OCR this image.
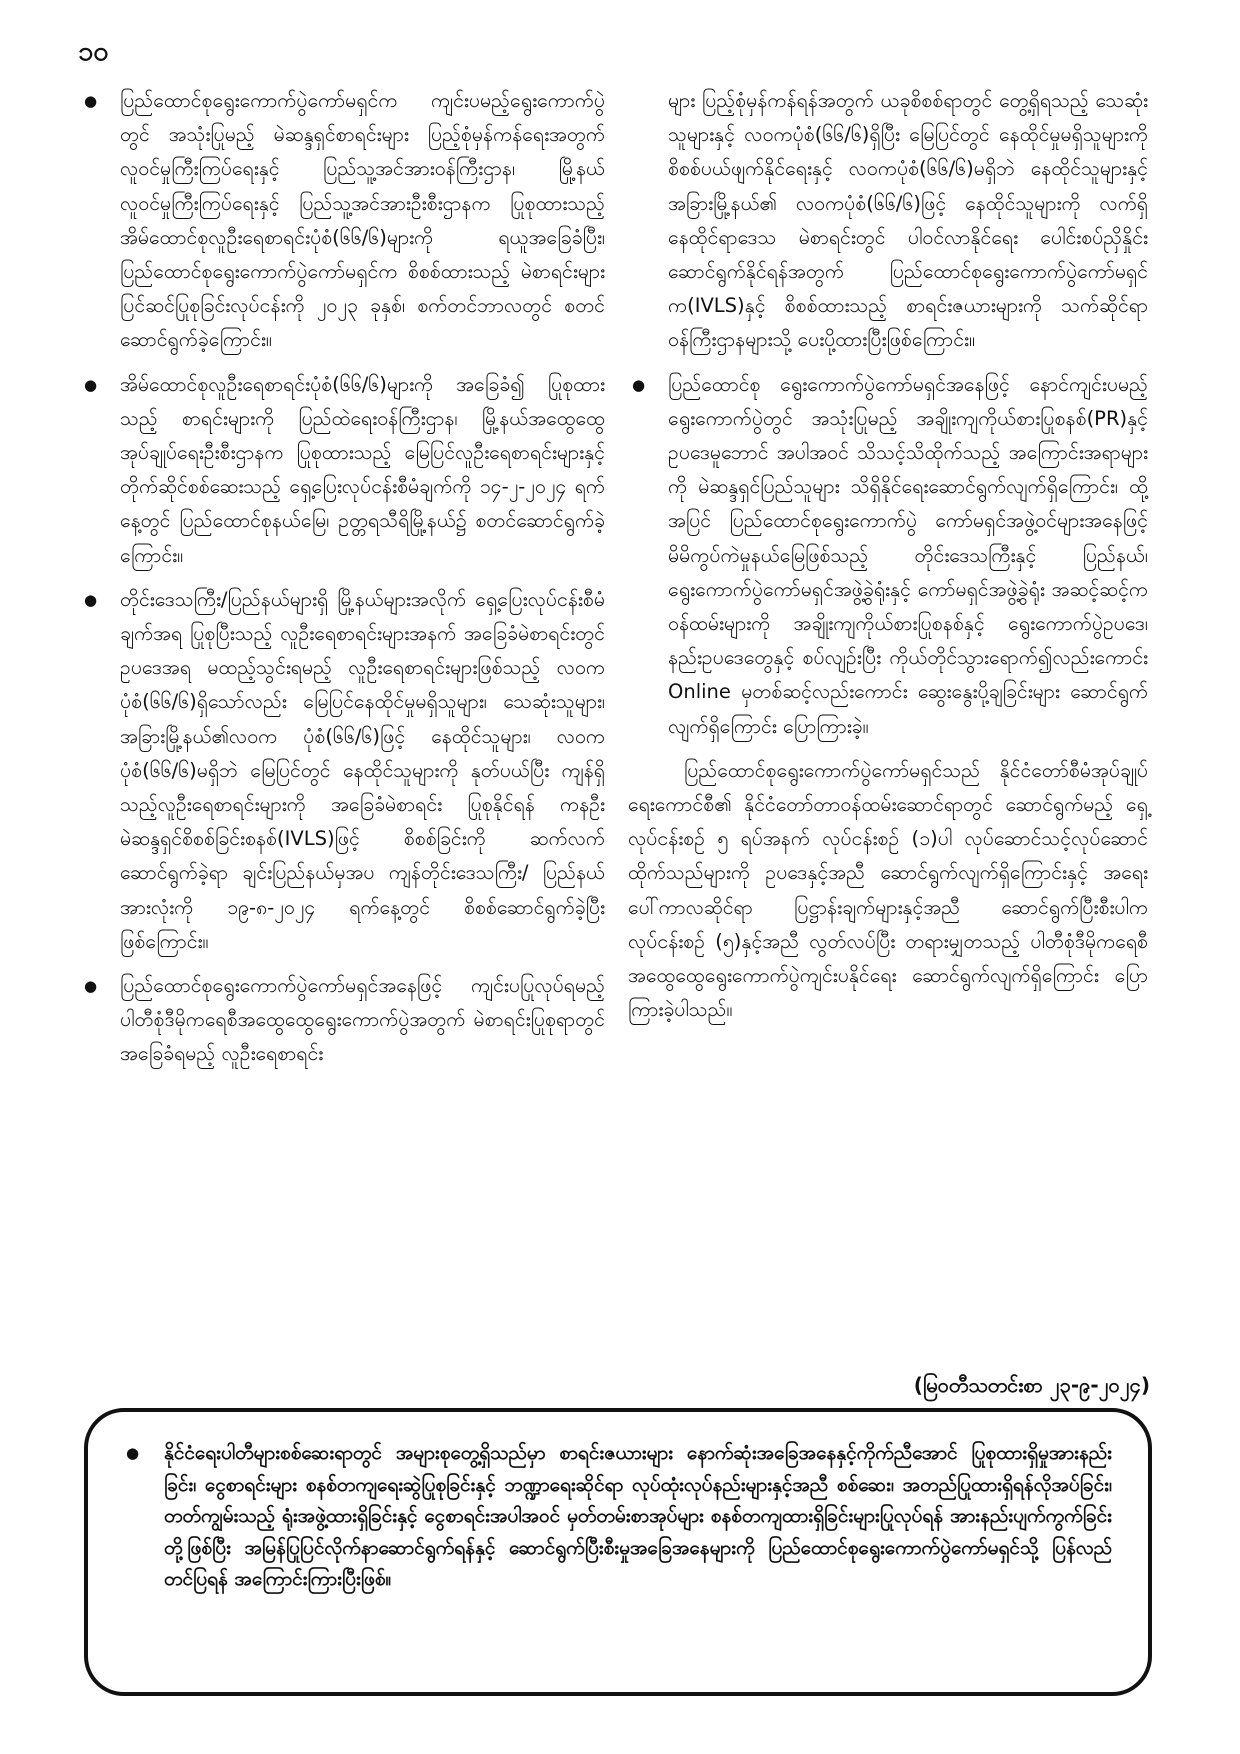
၁၀

● ပြည်ထောင်စုရွေးကောက်ပွဲကော်မရှင်က ကျင်းပမည့်ရွေးကောက်ပွဲတွင် အသုံးပြုမည့် မဲဆန္ဒရှင်စာရင်းများ ပြည့်စုံမှန်ကန်ရေးအတွက် လူဝင်မှုကြီးကြပ်ရေးနှင့် ပြည်သူ့အင်အားဝန်ကြီးဌာန၊ မြို့နယ်လူဝင်မှုကြီးကြပ်ရေးနှင့် ပြည်သူ့အင်အားဦးစီးဌာနက ပြုစုထားသည့် အိမ်ထောင်စုလူဦးရေစာရင်းပုံစံ(၆၆/၆)များကို ရယူအခြေခံပြီး၊ ပြည်ထောင်စုရွေးကောက်ပွဲကော်မရှင်က စိစစ်ထားသည့် မဲစာရင်းများ ပြင်ဆင်ပြုစုခြင်းလုပ်ငန်းကို ၂၀၂၃ ခုနှစ်၊ စက်တင်ဘာလတွင် စတင်ဆောင်ရွက်ခဲ့ကြောင်း။

● အိမ်ထောင်စုလူဦးရေစာရင်းပုံစံ(၆၆/၆)များကို အခြေခံ၍ ပြုစုထားသည့် စာရင်းများကို ပြည်ထဲရေးဝန်ကြီးဌာန၊ မြို့နယ်အထွေထွေအုပ်ချုပ်ရေးဦးစီးဌာနက ပြုစုထားသည့် မြေပြင်လူဦးရေစာရင်းများနှင့် တိုက်ဆိုင်စစ်ဆေးသည့် ရှေ့ပြေးလုပ်ငန်းစီမံချက်ကို ၁၄-၂-၂၀၂၄ ရက်နေ့တွင် ပြည်ထောင်စုနယ်မြေ၊ ဥတ္တရသီရိမြို့နယ်၌ စတင်ဆောင်ရွက်ခဲ့ကြောင်း။

● တိုင်းဒေသကြီး/ပြည်နယ်များရှိ မြို့နယ်များအလိုက် ရှေ့ပြေးလုပ်ငန်းစီမံချက်အရ ပြုစုပြီးသည့် လူဦးရေစာရင်းများအနက် အခြေခံမဲစာရင်းတွင် ဥပဒေအရ မထည့်သွင်းရမည့် လူဦးရေစာရင်းများဖြစ်သည့် လ၀ကပုံစံ(၆၆/၆)ရှိသော်လည်း မြေပြင်နေထိုင်မှုမရှိသူများ၊ သေဆုံးသူများ၊ အခြားမြို့နယ်၏လ၀က ပုံစံ(၆၆/၆)ဖြင့် နေထိုင်သူများ၊ လ၀ကပုံစံ(၆၆/၆)မရှိဘဲ မြေပြင်တွင် နေထိုင်သူများကို နုတ်ပယ်ပြီး ကျန်ရှိသည့်လူဦးရေစာရင်းများကို အခြေခံမဲစာရင်း ပြုစုနိုင်ရန် ကနဦးမဲဆန္ဒရှင်စိစစ်ခြင်းစနစ်(IVLS)ဖြင့် စိစစ်ခြင်းကို ဆက်လက်ဆောင်ရွက်ခဲ့ရာ ချင်းပြည်နယ်မှအပ ကျန်တိုင်းဒေသကြီး/ ပြည်နယ်အားလုံးကို ၁၉-၈-၂၀၂၄ ရက်နေ့တွင် စိစစ်ဆောင်ရွက်ခဲ့ပြီးဖြစ်ကြောင်း။

● ပြည်ထောင်စုရွေးကောက်ပွဲကော်မရှင်အနေဖြင့် ကျင်းပပြုလုပ်ရမည့် ပါတီစုံဒီမိုကရေစီအထွေထွေရွေးကောက်ပွဲအတွက် မဲစာရင်းပြုစုရာတွင် အခြေခံရမည့် လူဦးရေစာရင်း

များ ပြည့်စုံမှန်ကန်ရန်အတွက် ယခုစိစစ်ရာတွင် တွေ့ရှိရသည့် သေဆုံးသူများနှင့် လ၀ကပုံစံ(၆၆/၆)ရှိပြီး မြေပြင်တွင် နေထိုင်မှုမရှိသူများကို စိစစ်ပယ်ဖျက်နိုင်ရေးနှင့် လ၀ကပုံစံ(၆၆/၆)မရှိဘဲ နေထိုင်သူများနှင့် အခြားမြို့နယ်၏ လ၀ကပုံစံ(၆၆/၆)ဖြင့် နေထိုင်သူများကို လက်ရှိနေထိုင်ရာဒေသ မဲစာရင်းတွင် ပါဝင်လာနိုင်ရေး ပေါင်းစပ်ညှိနှိုင်းဆောင်ရွက်နိုင်ရန်အတွက် ပြည်ထောင်စုရွေးကောက်ပွဲကော်မရှင်က(IVLS)နှင့် စိစစ်ထားသည့် စာရင်းဇယားများကို သက်ဆိုင်ရာဝန်ကြီးဌာနများသို့ ပေးပို့ထားပြီးဖြစ်ကြောင်း။

● ပြည်ထောင်စု ရွေးကောက်ပွဲကော်မရှင်အနေဖြင့် နောင်ကျင်းပမည့် ရွေးကောက်ပွဲတွင် အသုံးပြုမည့် အချိုးကျကိုယ်စားပြုစနစ်(PR)နှင့် ဥပဒေမူဘောင် အပါအဝင် သိသင့်သိထိုက်သည့် အကြောင်းအရာများကို မဲဆန္ဒရှင်ပြည်သူများ သိရှိနိုင်ရေးဆောင်ရွက်လျက်ရှိကြောင်း၊ ထို့အပြင် ပြည်ထောင်စုရွေးကောက်ပွဲ ကော်မရှင်အဖွဲ့ဝင်များအနေဖြင့် မိမိကွပ်ကဲမှုနယ်မြေဖြစ်သည့် တိုင်းဒေသကြီးနှင့် ပြည်နယ်၊ ရွေးကောက်ပွဲကော်မရှင်အဖွဲ့ခွဲရုံးနှင့် ကော်မရှင်အဖွဲ့ခွဲရုံး အဆင့်ဆင့်က ဝန်ထမ်းများကို အချိုးကျကိုယ်စားပြုစနစ်နှင့် ရွေးကောက်ပွဲဥပဒေ၊ နည်းဥပဒေတွေနှင့် စပ်လျဉ်းပြီး ကိုယ်တိုင်သွားရောက်၍လည်းကောင်း Online မှတစ်ဆင့်လည်းကောင်း ဆွေးနွေးပို့ချခြင်းများ ဆောင်ရွက်လျက်ရှိကြောင်း ပြောကြားခဲ့။

ပြည်ထောင်စုရွေးကောက်ပွဲကော်မရှင်သည် နိုင်ငံတော်စီမံအုပ်ချုပ်ရေးကောင်စီ၏ နိုင်ငံတော်တာဝန်ထမ်းဆောင်ရာတွင် ဆောင်ရွက်မည့် ရှေ့လုပ်ငန်းစဉ် ၅ ရပ်အနက် လုပ်ငန်းစဉ် (၁)ပါ လုပ်ဆောင်သင့်လုပ်ဆောင်ထိုက်သည်များကို ဥပဒေနှင့်အညီ ဆောင်ရွက်လျက်ရှိကြောင်းနှင့် အရေးပေါ်ကာလဆိုင်ရာ ပြဋ္ဌာန်းချက်များနှင့်အညီ ဆောင်ရွက်ပြီးစီးပါက လုပ်ငန်းစဉ် (၅)နှင့်အညီ လွတ်လပ်ပြီး တရားမျှတသည့် ပါတီစုံဒီမိုကရေစီအထွေထွေရွေးကောက်ပွဲကျင်းပနိုင်ရေး ဆောင်ရွက်လျက်ရှိကြောင်း ပြောကြားခဲ့ပါသည်။

(မြဝတီသတင်းစာ ၂၃-၉-၂၀၂၄)
● နိုင်ငံရေးပါတီများစစ်ဆေးရာတွင် အများစုတွေ့ရှိသည်မှာ စာရင်းဇယားများ နောက်ဆုံးအခြေအနေနှင့်ကိုက်ညီအောင် ပြုစုထားရှိမှုအားနည်းခြင်း၊ ငွေစာရင်းများ စနစ်တကျရေးဆွဲပြုစုခြင်းနှင့် ဘဏ္ဍာရေးဆိုင်ရာ လုပ်ထုံးလုပ်နည်းများနှင့်အညီ စစ်ဆေး၊ အတည်ပြုထားရှိရန်လိုအပ်ခြင်း၊ တတ်ကျွမ်းသည့် ရုံးအဖွဲ့ထားရှိခြင်းနှင့် ငွေစာရင်းအပါအဝင် မှတ်တမ်းစာအုပ်များ စနစ်တကျထားရှိခြင်းများပြုလုပ်ရန် အားနည်းပျက်ကွက်ခြင်းတို့ဖြစ်ပြီး အမြန်ပြုပြင်လိုက်နာဆောင်ရွက်ရန်နှင့် ဆောင်ရွက်ပြီးစီးမှုအခြေအနေများကို ပြည်ထောင်စုရွေးကောက်ပွဲကော်မရှင်သို့ ပြန်လည်တင်ပြရန် အကြောင်းကြားပြီးဖြစ်။
